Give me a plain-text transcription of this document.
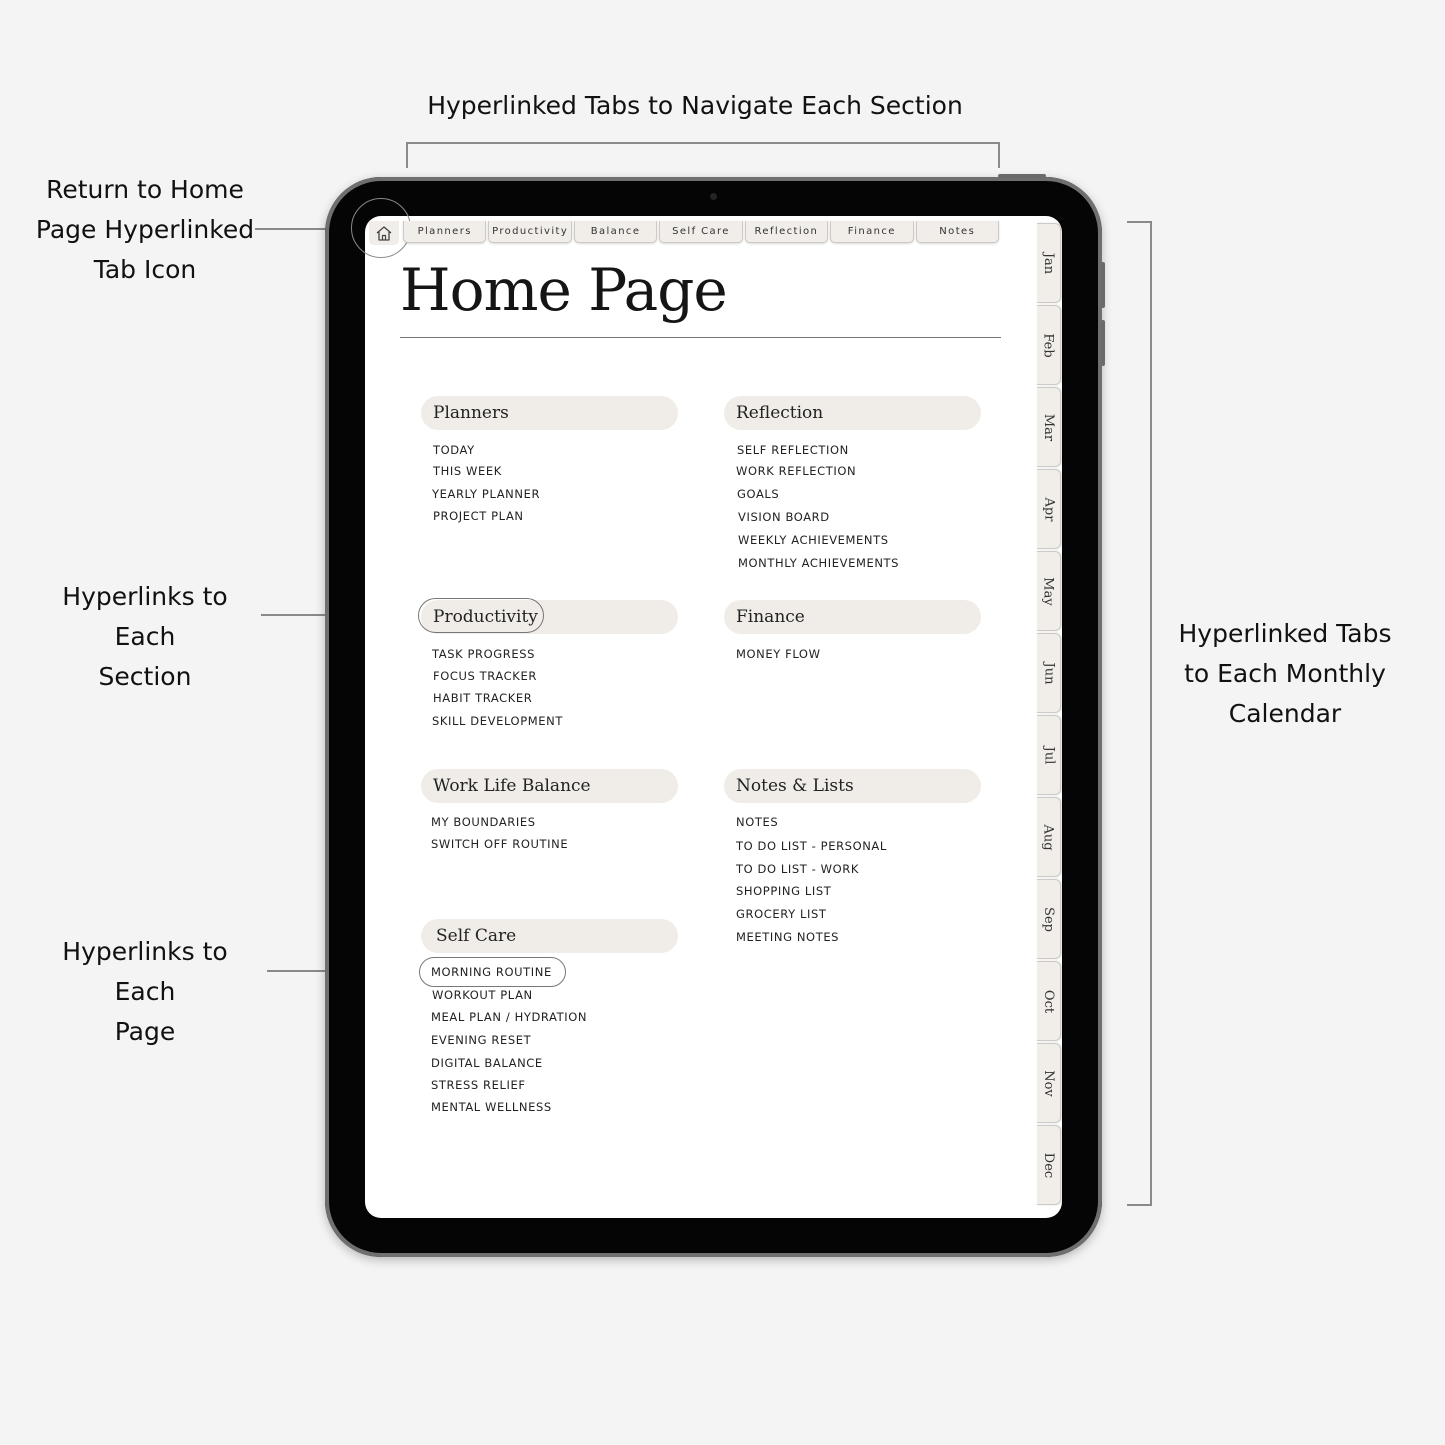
Hyperlinked Tabs to Navigate Each Section
Return to Home
Page Hyperlinked
Tab Icon
Hyperlinks to Each
Section
Hyperlinks to Each
Page
Hyperlinked Tabs
to Each Monthly
Calendar
Planners	Productivity	Balance	Self Care	Reflection	Finance	Notes
Home Page
Planners
TODAY
THIS WEEK
YEARLY PLANNER
PROJECT PLAN
Reflection
SELF REFLECTION
WORK REFLECTION
GOALS
VISION BOARD
WEEKLY ACHIEVEMENTS
MONTHLY ACHIEVEMENTS
Productivity
TASK PROGRESS
FOCUS TRACKER
HABIT TRACKER
SKILL DEVELOPMENT
Finance
MONEY FLOW
Work Life Balance
MY BOUNDARIES
SWITCH OFF ROUTINE
Notes & Lists
NOTES
TO DO LIST - PERSONAL
TO DO LIST - WORK
SHOPPING LIST
GROCERY LIST
MEETING NOTES
Self Care
MORNING ROUTINE
WORKOUT PLAN
MEAL PLAN / HYDRATION
EVENING RESET
DIGITAL BALANCE
STRESS RELIEF
MENTAL WELLNESS
Jan
Feb
Mar
Apr
May
Jun
Jul
Aug
Sep
Oct
Nov
Dec
